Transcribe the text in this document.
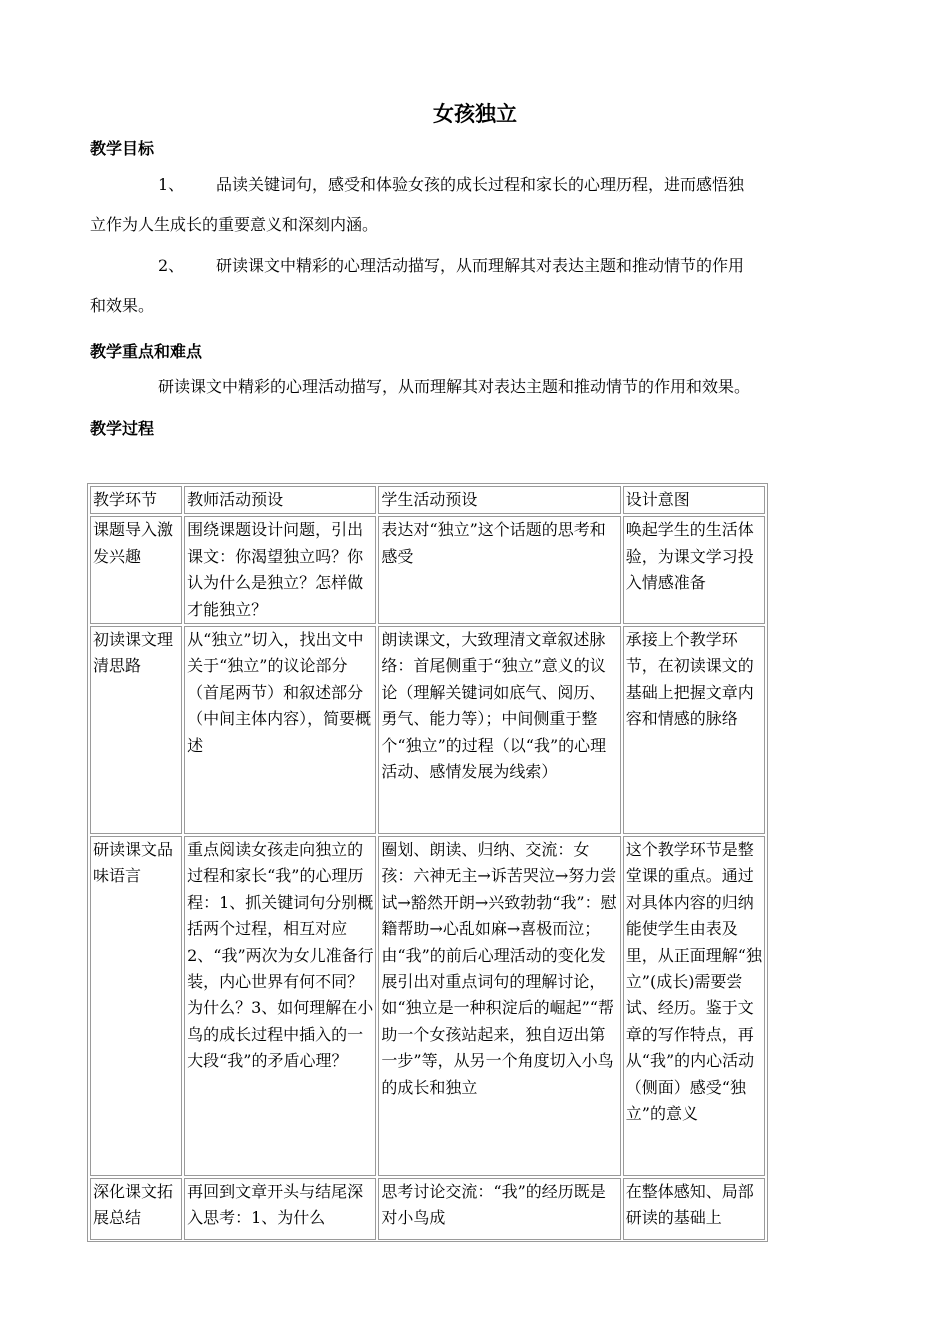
女孩独立
教学目标
1、 品读关键词句，感受和体验女孩的成长过程和家长的心理历程，进而感悟独
立作为人生成长的重要意义和深刻内涵。
2、 研读课文中精彩的心理活动描写，从而理解其对表达主题和推动情节的作用
和效果。
教学重点和难点
研读课文中精彩的心理活动描写，从而理解其对表达主题和推动情节的作用和效果。
教学过程
教学环节	教师活动预设	学生活动预设	设计意图
课题导入激发兴趣	围绕课题设计问题，引出课文：你渴望独立吗？你认为什么是独立？怎样做才能独立？	表达对“独立”这个话题的思考和感受	唤起学生的生活体验，为课文学习投入情感准备
初读课文理清思路	从“独立”切入，找出文中关于“独立”的议论部分（首尾两节）和叙述部分（中间主体内容），简要概述	朗读课文，大致理清文章叙述脉络：首尾侧重于“独立”意义的议论（理解关键词如底气、阅历、勇气、能力等）；中间侧重于整个“独立”的过程（以“我”的心理活动、感情发展为线索）	承接上个教学环节，在初读课文的基础上把握文章内容和情感的脉络
研读课文品味语言	重点阅读女孩走向独立的过程和家长“我”的心理历程：1、抓关键词句分别概括两个过程，相互对应2、“我”两次为女儿准备行装，内心世界有何不同？为什么？3、如何理解在小鸟的成长过程中插入的一大段“我”的矛盾心理？	圈划、朗读、归纳、交流：女孩：六神无主→诉苦哭泣→努力尝试→豁然开朗→兴致勃勃“我”：慰籍帮助→心乱如麻→喜极而泣；由“我”的前后心理活动的变化发展引出对重点词句的理解讨论，如“独立是一种积淀后的崛起”“帮助一个女孩站起来，独自迈出第一步”等，从另一个角度切入小鸟的成长和独立	这个教学环节是整堂课的重点。通过对具体内容的归纳能使学生由表及里，从正面理解“独立”(成长)需要尝试、经历。鉴于文章的写作特点，再从“我”的内心活动（侧面）感受“独立”的意义
深化课文拓展总结	再回到文章开头与结尾深入思考：1、为什么	思考讨论交流：“我”的经历既是对小鸟成	在整体感知、局部研读的基础上
